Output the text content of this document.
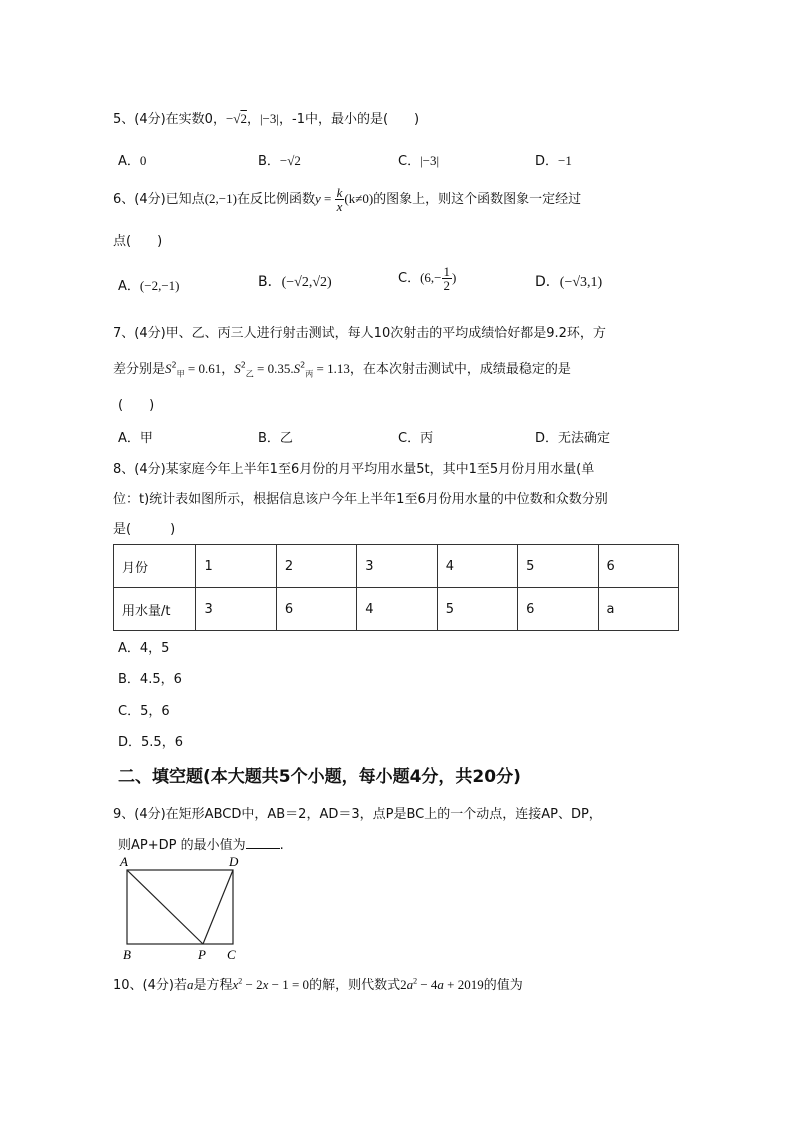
5、(4分)在实数0，−√2，|−3|，-1中，最小的是(　　)
A．0	B．−√2	C．|−3|	D．−1
6、(4分)已知点(2,−1)在反比例函数$y = \frac{k}{x} (k\ne 0)$的图象上，则这个函数图象一定经过
点(　　)
A．(−2,−1)	B．(−√2,√2)	C．($6,- \frac{1}{2}$ )	D．(−√3,1)
7、(4分)甲、乙、丙三人进行射击测试，每人10次射击的平均成绩恰好都是9.2环，方
差分别是$S^2_甲 = 0.61$，$S^2_乙 = 0.35.S^2_丙 = 1.13$，在本次射击测试中，成绩最稳定的是
(　　)
A．甲	B．乙	C．丙	D．无法确定
8、(4分)某家庭今年上半年1至6月份的月平均用水量5t，其中1至5月份月用水量(单
位：t)统计表如图所示，根据信息该户今年上半年1至6月份用水量的中位数和众数分别
是(　　　)
月份	1	2	3	4	5	6
用水量/t	3	6	4	5	6	a
A．4，5
B．4.5，6
C．5，6
D．5.5，6
二、填空题(本大题共5个小题，每小题4分，共20分)
9、(4分)在矩形ABCD中，AB＝2，AD＝3，点P是BC上的一个动点，连接AP、DP，
则AP+DP 的最小值为	.
A	D
B	P C
10、(4分)若a是方程$x^2 - 2x - 1 = 0$的解，则代数式$2a^2 - 4a + 2019$的值为
